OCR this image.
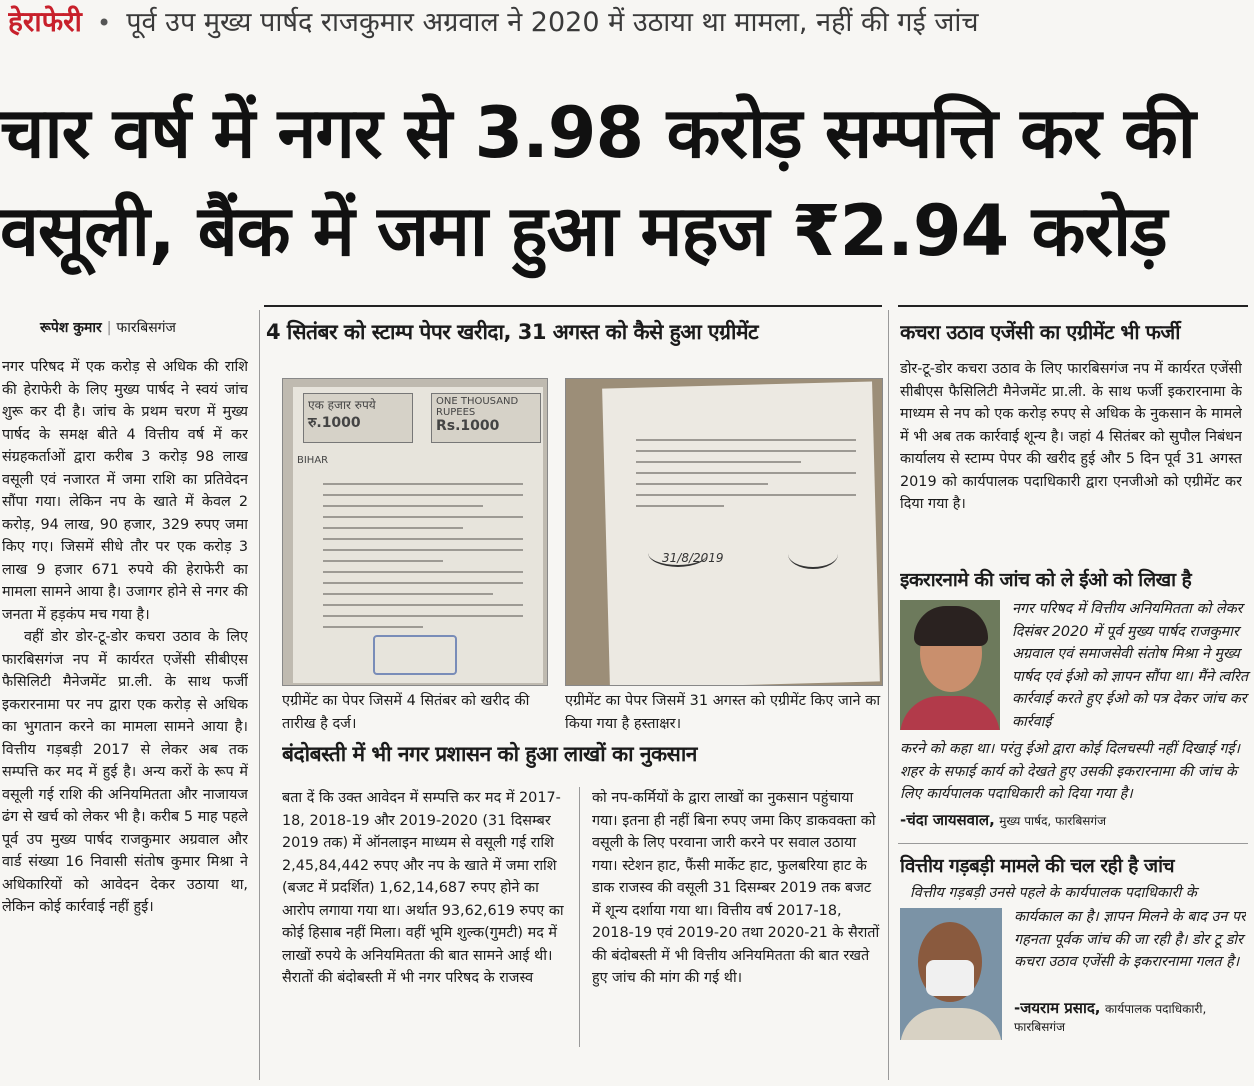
हेराफेरी • पूर्व उप मुख्य पार्षद राजकुमार अग्रवाल ने 2020 में उठाया था मामला, नहीं की गई जांच
चार वर्ष में नगर से 3.98 करोड़ सम्पत्ति कर की
वसूली, बैंक में जमा हुआ महज ₹2.94 करोड़
रूपेश कुमार | फारबिसगंज
नगर परिषद में एक करोड़ से अधिक की राशि की हेराफेरी के लिए मुख्य पार्षद ने स्वयं जांच शुरू कर दी है। जांच के प्रथम चरण में मुख्य पार्षद के समक्ष बीते 4 वित्तीय वर्ष में कर संग्रहकर्ताओं द्वारा करीब 3 करोड़ 98 लाख वसूली एवं नजारत में जमा राशि का प्रतिवेदन सौंपा गया। लेकिन नप के खाते में केवल 2 करोड़, 94 लाख, 90 हजार, 329 रुपए जमा किए गए। जिसमें सीधे तौर पर एक करोड़ 3 लाख 9 हजार 671 रुपये की हेराफेरी का मामला सामने आया है। उजागर होने से नगर की जनता में हड़कंप मच गया है।
वहीं डोर डोर-टू-डोर कचरा उठाव के लिए फारबिसगंज नप में कार्यरत एजेंसी सीबीएस फैसिलिटी मैनेजमेंट प्रा.ली. के साथ फर्जी इकरारनामा पर नप द्वारा एक करोड़ से अधिक का भुगतान करने का मामला सामने आया है। वित्तीय गड़बड़ी 2017 से लेकर अब तक सम्पत्ति कर मद में हुई है। अन्य करों के रूप में वसूली गई राशि की अनियमितता और नाजायज ढंग से खर्च को लेकर भी है। करीब 5 माह पहले पूर्व उप मुख्य पार्षद राजकुमार अग्रवाल और वार्ड संख्या 16 निवासी संतोष कुमार मिश्रा ने अधिकारियों को आवेदन देकर उठाया था, लेकिन कोई कार्रवाई नहीं हुई।
4 सितंबर को स्टाम्प पेपर खरीदा, 31 अगस्त को कैसे हुआ एग्रीमेंट
एक हजार रुपये
रु.1000
ONE THOUSAND RUPEES
Rs.1000
BIHAR
एग्रीमेंट का पेपर जिसमें 4 सितंबर को खरीद की तारीख है दर्ज।
31/8/2019
एग्रीमेंट का पेपर जिसमें 31 अगस्त को एग्रीमेंट किए जाने का किया गया है हस्ताक्षर।
बंदोबस्ती में भी नगर प्रशासन को हुआ लाखों का नुकसान
बता दें कि उक्त आवेदन में सम्पत्ति कर मद में 2017-18, 2018-19 और 2019-2020 (31 दिसम्बर 2019 तक) में ऑनलाइन माध्यम से वसूली गई राशि 2,45,84,442 रुपए और नप के खाते में जमा राशि (बजट में प्रदर्शित) 1,62,14,687 रुपए होने का आरोप लगाया गया था। अर्थात 93,62,619 रुपए का कोई हिसाब नहीं मिला। वहीं भूमि शुल्क(गुमटी) मद में लाखों रुपये के अनियमितता की बात सामने आई थी। सैरातों की बंदोबस्ती में भी नगर परिषद के राजस्व
को नप-कर्मियों के द्वारा लाखों का नुकसान पहुंचाया गया। इतना ही नहीं बिना रुपए जमा किए डाकवक्ता को वसूली के लिए परवाना जारी करने पर सवाल उठाया गया। स्टेशन हाट, फैंसी मार्केट हाट, फुलबरिया हाट के डाक राजस्व की वसूली 31 दिसम्बर 2019 तक बजट में शून्य दर्शाया गया था। वित्तीय वर्ष 2017-18, 2018-19 एवं 2019-20 तथा 2020-21 के सैरातों की बंदोबस्ती में भी वित्तीय अनियमितता की बात रखते हुए जांच की मांग की गई थी।
कचरा उठाव एजेंसी का एग्रीमेंट भी फर्जी
डोर-टू-डोर कचरा उठाव के लिए फारबिसगंज नप में कार्यरत एजेंसी सीबीएस फैसिलिटी मैनेजमेंट प्रा.ली. के साथ फर्जी इकरारनामा के माध्यम से नप को एक करोड़ रुपए से अधिक के नुकसान के मामले में भी अब तक कार्रवाई शून्य है। जहां 4 सितंबर को सुपौल निबंधन कार्यालय से स्टाम्प पेपर की खरीद हुई और 5 दिन पूर्व 31 अगस्त 2019 को कार्यपालक पदाधिकारी द्वारा एनजीओ को एग्रीमेंट कर दिया गया है।
इकरारनामे की जांच को ले ईओ को लिखा है
नगर परिषद में वित्तीय अनियमितता को लेकर दिसंबर 2020 में पूर्व मुख्य पार्षद राजकुमार अग्रवाल एवं समाजसेवी संतोष मिश्रा ने मुख्य पार्षद एवं ईओ को ज्ञापन सौंपा था। मैंने त्वरित कार्रवाई करते हुए ईओ को पत्र देकर जांच कर कार्रवाई
करने को कहा था। परंतु ईओ द्वारा कोई दिलचस्पी नहीं दिखाई गई। शहर के सफाई कार्य को देखते हुए उसकी इकरारनामा की जांच के लिए कार्यपालक पदाधिकारी को दिया गया है।
-चंदा जायसवाल, मुख्य पार्षद, फारबिसगंज
वित्तीय गड़बड़ी मामले की चल रही है जांच
वित्तीय गड़बड़ी उनसे पहले के कार्यपालक पदाधिकारी के
कार्यकाल का है। ज्ञापन मिलने के बाद उन पर गहनता पूर्वक जांच की जा रही है। डोर टू डोर कचरा उठाव एजेंसी के इकरारनामा गलत है।
-जयराम प्रसाद, कार्यपालक पदाधिकारी, फारबिसगंज
